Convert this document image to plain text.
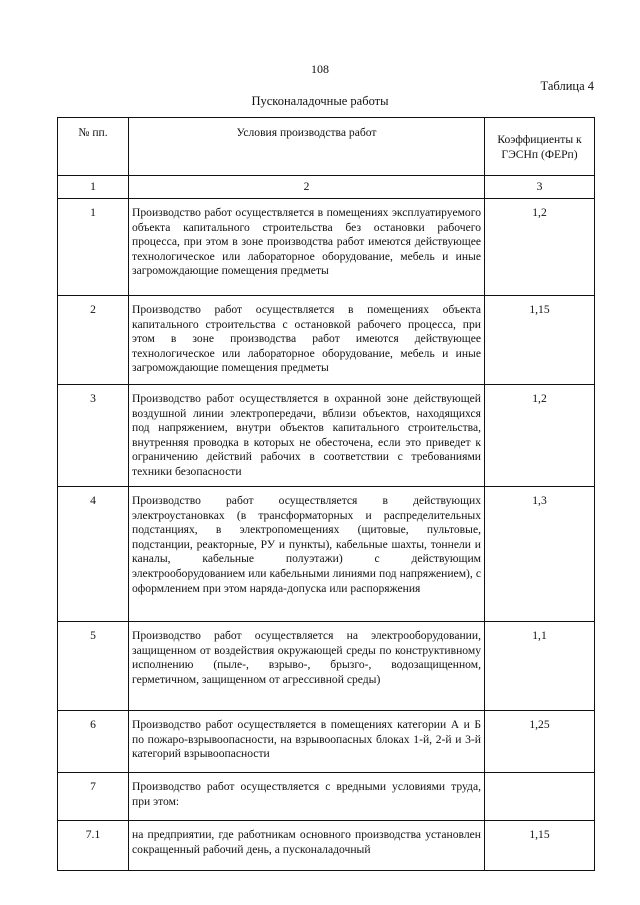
108
Таблица 4
Пусконаладочные работы
№ пп.	Условия производства работ	Коэффициенты к ГЭСНп (ФЕРп)
1	2	3
1	Производство работ осуществляется в помещениях эксплуатируемого объекта капитального строительства без остановки рабочего процесса, при этом в зоне производства работ имеются действующее технологическое или лабораторное оборудование, мебель и иные загромождающие помещения предметы	1,2
2	Производство работ осуществляется в помещениях объекта капитального строительства с остановкой рабочего процесса, при этом в зоне производства работ имеются действующее технологическое или лабораторное оборудование, мебель и иные загромождающие помещения предметы	1,15
3	Производство работ осуществляется в охранной зоне действующей воздушной линии электропередачи, вблизи объектов, находящихся под напряжением, внутри объектов капитального строительства, внутренняя проводка в которых не обесточена, если это приведет к ограничению действий рабочих в соответствии с требованиями техники безопасности	1,2
4	Производство работ осуществляется в действующих электроустановках (в трансформаторных и распределительных подстанциях, в электропомещениях (щитовые, пультовые, подстанции, реакторные, РУ и пункты), кабельные шахты, тоннели и каналы, кабельные полуэтажи) с действующим электрооборудованием или кабельными линиями под напряжением), с оформлением при этом наряда-допуска или распоряжения	1,3
5	Производство работ осуществляется на электрооборудовании, защищенном от воздействия окружающей среды по конструктивному исполнению (пыле-, взрыво-, брызго-, водозащищенном, герметичном, защищенном от агрессивной среды)	1,1
6	Производство работ осуществляется в помещениях категории А и Б по пожаро-взрывоопасности, на взрывоопасных блоках 1-й, 2-й и 3-й категорий взрывоопасности	1,25
7	Производство работ осуществляется с вредными условиями труда, при этом:	
7.1	на предприятии, где работникам основного производства установлен сокращенный рабочий день, а пусконаладочный	1,15
